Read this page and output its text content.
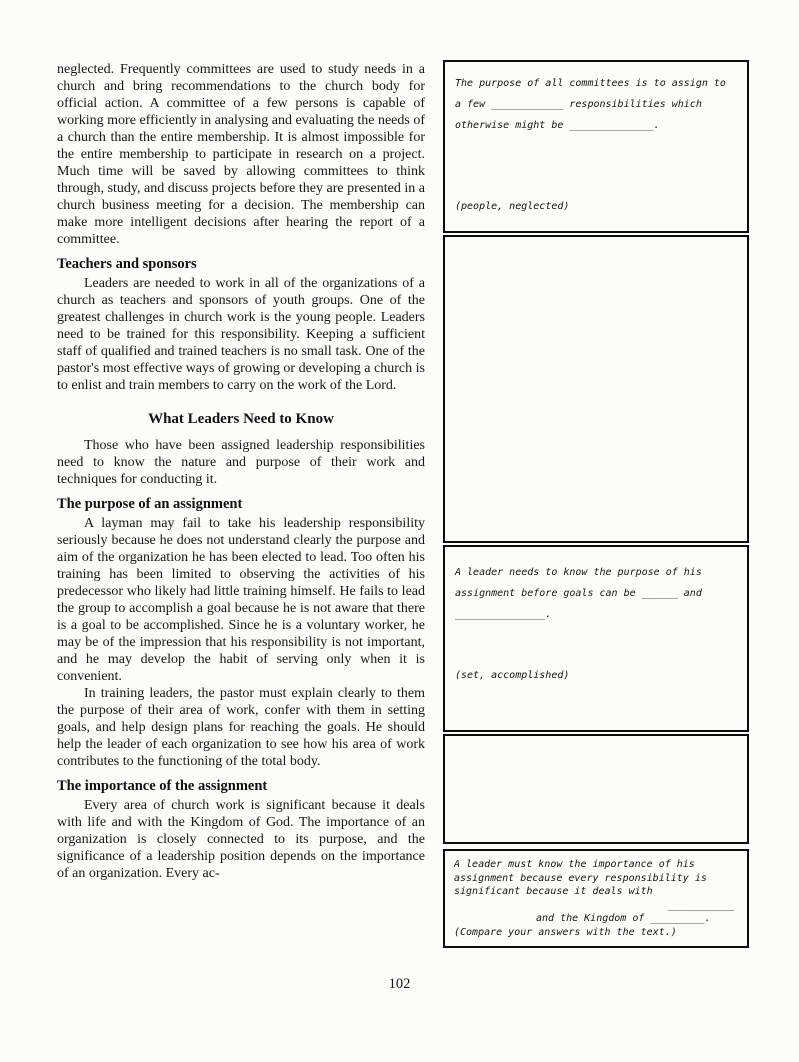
neglected. Frequently committees are used to study needs in a church and bring recommendations to the church body for official action. A committee of a few persons is capable of working more efficiently in analysing and evaluating the needs of a church than the entire membership. It is almost impossible for the entire membership to participate in research on a project. Much time will be saved by allowing committees to think through, study, and discuss projects before they are presented in a church business meeting for a decision. The membership can make more intelligent decisions after hearing the report of a committee.

Teachers and sponsors

Leaders are needed to work in all of the organizations of a church as teachers and sponsors of youth groups. One of the greatest challenges in church work is the young people. Leaders need to be trained for this responsibility. Keeping a sufficient staff of qualified and trained teachers is no small task. One of the pastor's most effective ways of growing or developing a church is to enlist and train members to carry on the work of the Lord.

What Leaders Need to Know

Those who have been assigned leadership responsibilities need to know the nature and purpose of their work and techniques for conducting it.

The purpose of an assignment

A layman may fail to take his leadership responsibility seriously because he does not understand clearly the purpose and aim of the organization he has been elected to lead. Too often his training has been limited to observing the activities of his predecessor who likely had little training himself. He fails to lead the group to accomplish a goal because he is not aware that there is a goal to be accomplished. Since he is a voluntary worker, he may be of the impression that his responsibility is not important, and he may develop the habit of serving only when it is convenient.

In training leaders, the pastor must explain clearly to them the purpose of their area of work, confer with them in setting goals, and help design plans for reaching the goals. He should help the leader of each organization to see how his area of work contributes to the functioning of the total body.

The importance of the assignment

Every area of church work is significant because it deals with life and with the Kingdom of God. The importance of an organization is closely connected to its purpose, and the significance of a leadership position depends on the importance of an organization. Every ac-

The purpose of all committees is to assign to
a few ____________ responsibilities which
otherwise might be ______________.
(people, neglected)
A leader needs to know the purpose of his
assignment before goals can be ______ and
_______________.
(set, accomplished)
A leader must know the importance of his
assignment because every responsibility is
significant because it deals with
___________
and the Kingdom of _________.
(Compare your answers with the text.)
102
